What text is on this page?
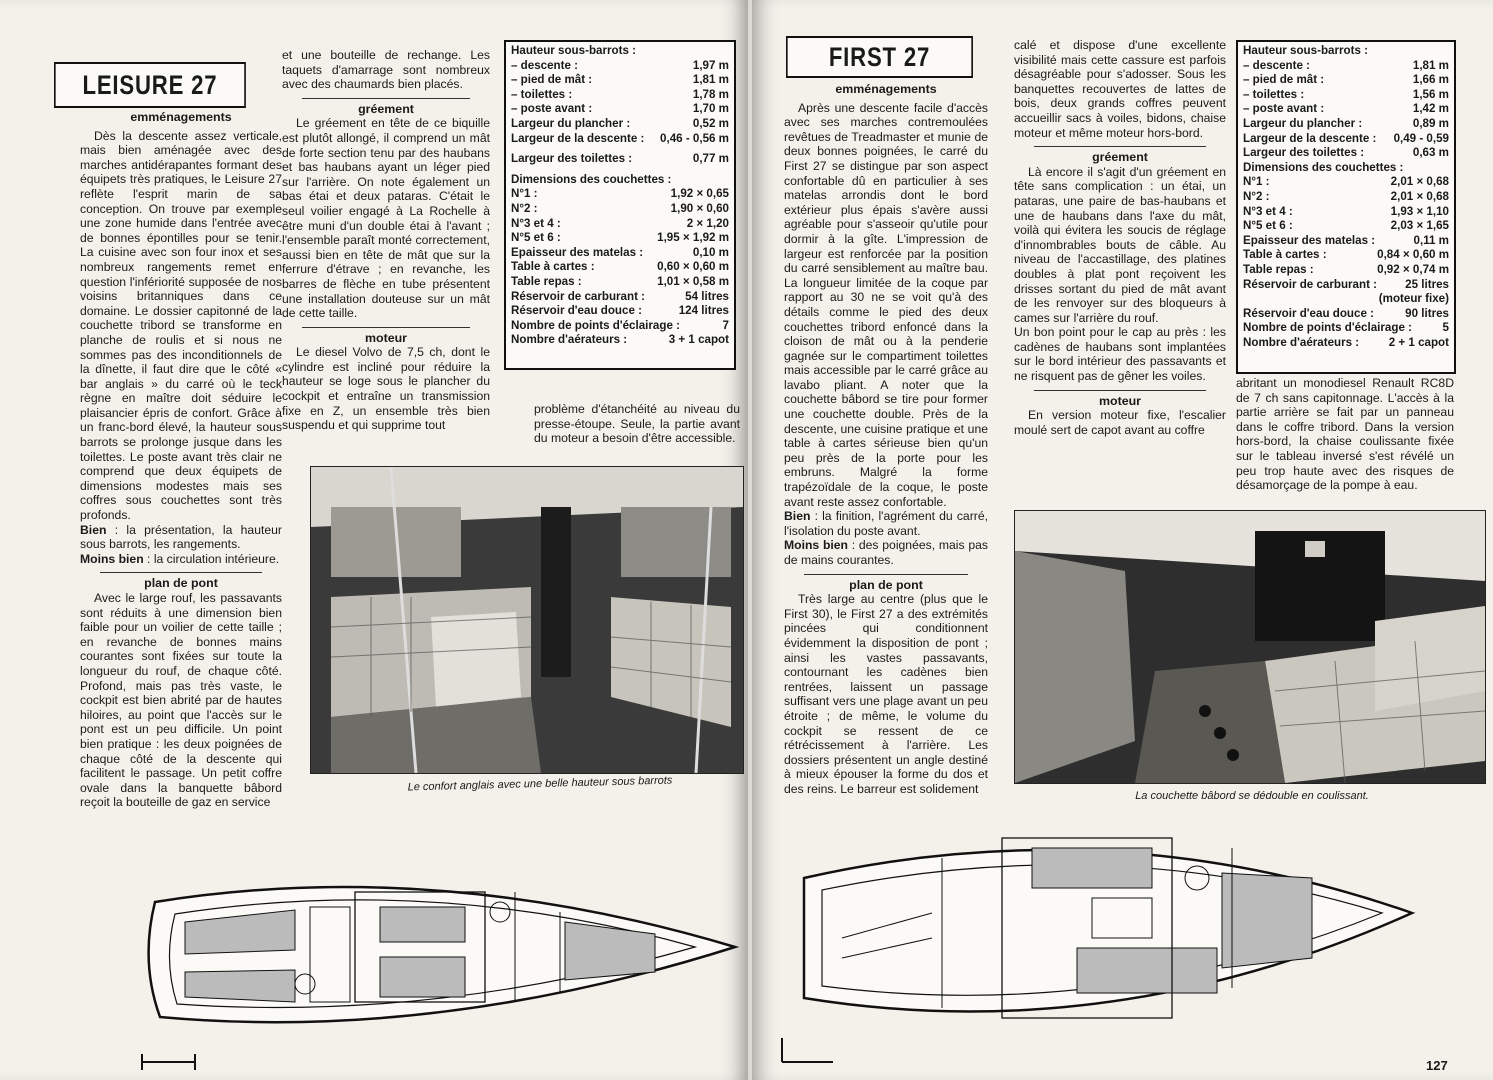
LEISURE 27
emménagements

Dès la descente assez verticale, mais bien aménagée avec des marches antidérapantes formant des équipets très pratiques, le Leisure 27 reflète l'esprit marin de sa conception. On trouve par exemple une zone humide dans l'entrée avec de bonnes épontilles pour se tenir. La cuisine avec son four inox et ses nombreux rangements remet en question l'infériorité supposée de nos voisins britanniques dans ce domaine. Le dossier capitonné de la couchette tribord se transforme en planche de roulis et si nous ne sommes pas des inconditionnels de la dînette, il faut dire que le côté « bar anglais » du carré où le teck règne en maître doit séduire le plaisancier épris de confort. Grâce à un franc-bord élevé, la hauteur sous barrots se prolonge jusque dans les toilettes. Le poste avant très clair ne comprend que deux équipets de dimensions modestes mais ses coffres sous couchettes sont très profonds.

Bien : la présentation, la hauteur sous barrots, les rangements.

Moins bien : la circulation intérieure.

plan de pont

Avec le large rouf, les passavants sont réduits à une dimension bien faible pour un voilier de cette taille ; en revanche de bonnes mains courantes sont fixées sur toute la longueur du rouf, de chaque côté. Profond, mais pas très vaste, le cockpit est bien abrité par de hautes hiloires, au point que l'accès sur le pont est un peu difficile. Un point bien pratique : les deux poignées de chaque côté de la descente qui facilitent le passage. Un petit coffre ovale dans la banquette bâbord reçoit la bouteille de gaz en service

et une bouteille de rechange. Les taquets d'amarrage sont nombreux avec des chaumards bien placés.

gréement

Le gréement en tête de ce biquille est plutôt allongé, il comprend un mât de forte section tenu par des haubans et bas haubans ayant un léger pied sur l'arrière. On note également un bas étai et deux pataras. C'était le seul voilier engagé à La Rochelle à être muni d'un double étai à l'avant ; l'ensemble paraît monté correctement, aussi bien en tête de mât que sur la ferrure d'étrave ; en revanche, les barres de flèche en tube présentent une installation douteuse sur un mât de cette taille.

moteur

Le diesel Volvo de 7,5 ch, dont le cylindre est incliné pour réduire la hauteur se loge sous le plancher du cockpit et entraîne un transmission fixe en Z, un ensemble très bien suspendu et qui supprime tout

Hauteur sous-barrots :
– descente :	1,97 m
– pied de mât :	1,81 m
– toilettes :	1,78 m
– poste avant :	1,70 m
Largeur du plancher :	0,52 m
Largeur de la descente : 0,46 - 0,56 m
Largeur des toilettes :	0,77 m
Dimensions des couchettes :
N°1 :	1,92 × 0,65
N°2 :	1,90 × 0,60
N°3 et 4 :	2 × 1,20
N°5 et 6 :	1,95 × 1,92 m
Epaisseur des matelas :	0,10 m
Table à cartes :	0,60 × 0,60 m
Table repas :	1,01 × 0,58 m
Réservoir de carburant :	54 litres
Réservoir d'eau douce :	124 litres
Nombre de points d'éclairage :	7
Nombre d'aérateurs :	3 + 1 capot

problème d'étanchéité au niveau du presse-étoupe. Seule, la partie avant du moteur a besoin d'être accessible.

Le confort anglais avec une belle hauteur sous barrots
FIRST 27
emménagements

Après une descente facile d'accès avec ses marches contremoulées revêtues de Treadmaster et munie de deux bonnes poignées, le carré du First 27 se distingue par son aspect confortable dû en particulier à ses matelas arrondis dont le bord extérieur plus épais s'avère aussi agréable pour s'asseoir qu'utile pour dormir à la gîte. L'impression de largeur est renforcée par la position du carré sensiblement au maître bau. La longueur limitée de la coque par rapport au 30 ne se voit qu'à des détails comme le pied des deux couchettes tribord enfoncé dans la cloison de mât ou à la penderie gagnée sur le compartiment toilettes mais accessible par le carré grâce au lavabo pliant. A noter que la couchette bâbord se tire pour former une couchette double. Près de la descente, une cuisine pratique et une table à cartes sérieuse bien qu'un peu près de la porte pour les embruns. Malgré la forme trapézoïdale de la coque, le poste avant reste assez confortable.

Bien : la finition, l'agrément du carré, l'isolation du poste avant.

Moins bien : des poignées, mais pas de mains courantes.

plan de pont

Très large au centre (plus que le First 30), le First 27 a des extrémités pincées qui conditionnent évidemment la disposition de pont ; ainsi les vastes passavants, contournant les cadènes bien rentrées, laissent un passage suffisant vers une plage avant un peu étroite ; de même, le volume du cockpit se ressent de ce rétrécissement à l'arrière. Les dossiers présentent un angle destiné à mieux épouser la forme du dos et des reins. Le barreur est solidement

calé et dispose d'une excellente visibilité mais cette cassure est parfois désagréable pour s'adosser. Sous les banquettes recouvertes de lattes de bois, deux grands coffres peuvent accueillir sacs à voiles, bidons, chaise moteur et même moteur hors-bord.

gréement

Là encore il s'agit d'un gréement en tête sans complication : un étai, un pataras, une paire de bas-haubans et une de haubans dans l'axe du mât, voilà qui évitera les soucis de réglage d'innombrables bouts de câble. Au niveau de l'accastillage, des platines doubles à plat pont reçoivent les drisses sortant du pied de mât avant de les renvoyer sur des bloqueurs à cames sur l'arrière du rouf.

Un bon point pour le cap au près : les cadènes de haubans sont implantées sur le bord intérieur des passavants et ne risquent pas de gêner les voiles.

moteur

En version moteur fixe, l'escalier moulé sert de capot avant au coffre

Hauteur sous-barrots :
– descente :	1,81 m
– pied de mât :	1,66 m
– toilettes :	1,56 m
– poste avant :	1,42 m
Largeur du plancher :	0,89 m
Largeur de la descente : 0,49 - 0,59
Largeur des toilettes :	0,63 m
Dimensions des couchettes :
N°1 :	2,01 × 0,68
N°2 :	2,01 × 0,68
N°3 et 4 :	1,93 × 1,10
N°5 et 6 :	2,03 × 1,65
Epaisseur des matelas :	0,11 m
Table à cartes :	0,84 × 0,60 m
Table repas :	0,92 × 0,74 m
Réservoir de carburant : 25 litres
(moteur fixe)
Réservoir d'eau douce :	90 litres
Nombre de points d'éclairage :	5
Nombre d'aérateurs :	2 + 1 capot

abritant un monodiesel Renault RC8D de 7 ch sans capitonnage. L'accès à la partie arrière se fait par un panneau dans le coffre tribord. Dans la version hors-bord, la chaise coulissante fixée sur le tableau inversé s'est révélé un peu trop haute avec des risques de désamorçage de la pompe à eau.

La couchette bâbord se dédouble en coulissant.
127
